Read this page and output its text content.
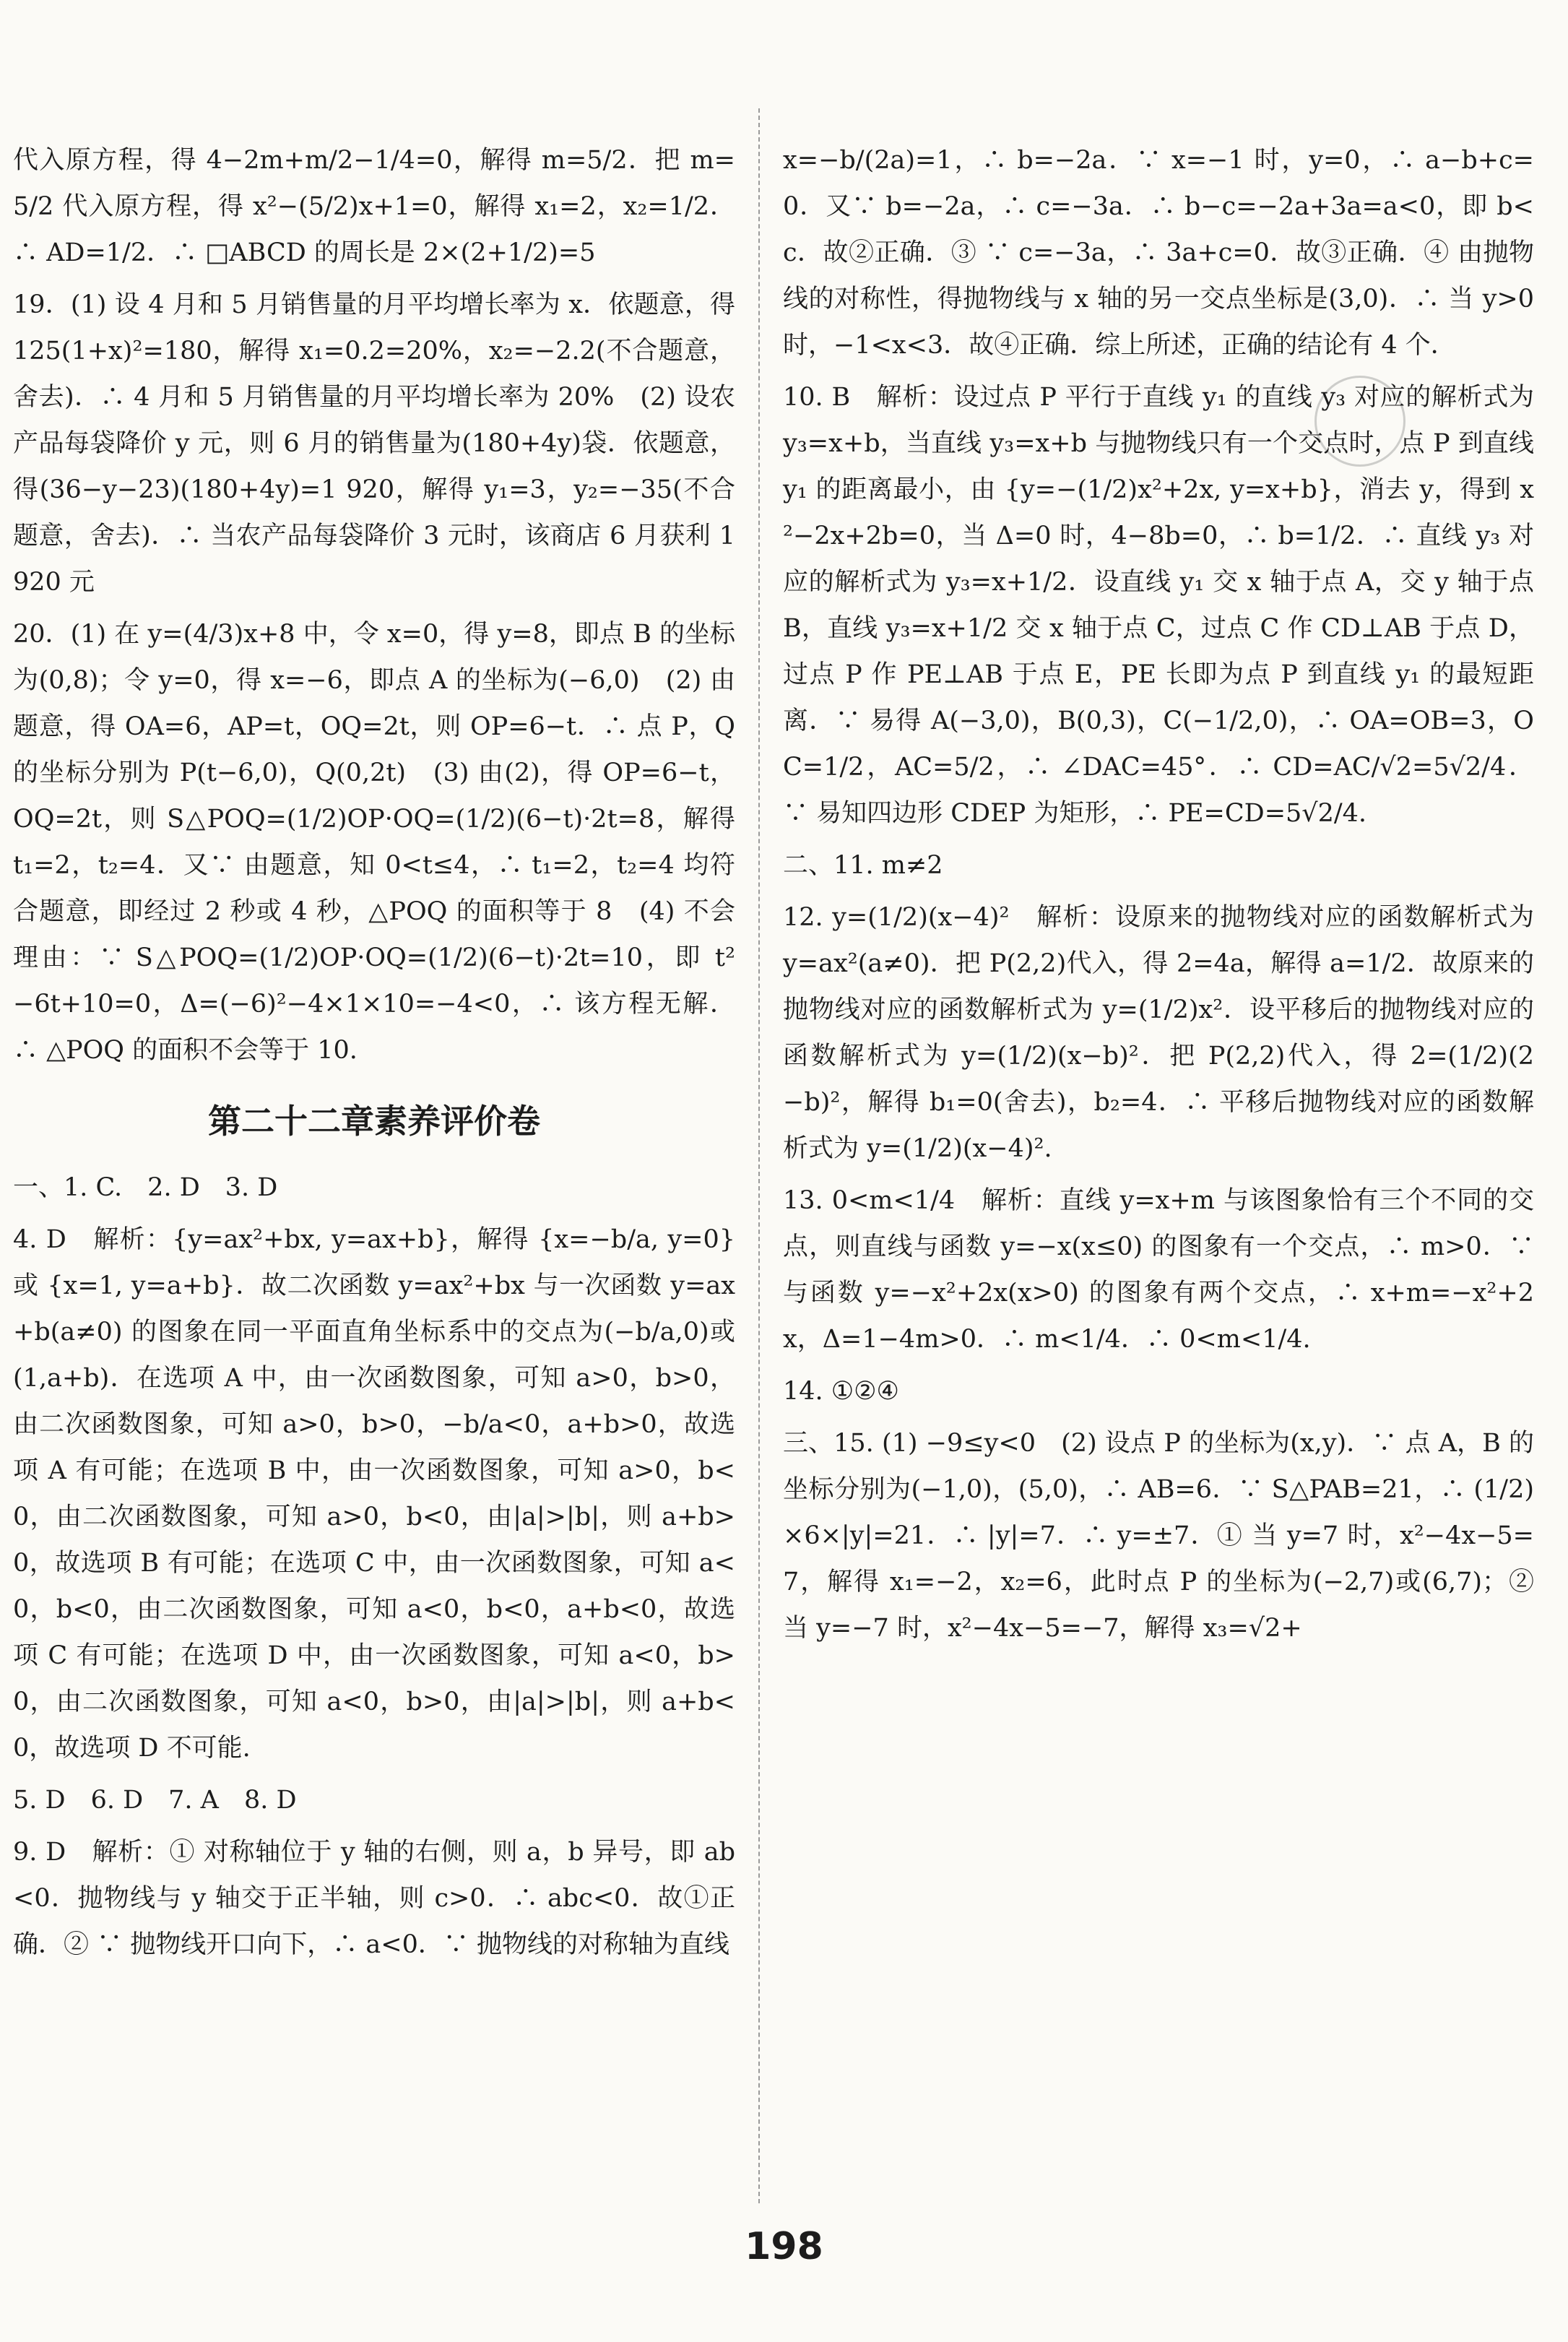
代入原方程，得 4−2m+m/2−1/4=0，解得 m=5/2．把 m=5/2 代入原方程，得 x²−(5/2)x+1=0，解得 x₁=2，x₂=1/2．∴ AD=1/2．∴ □ABCD 的周长是 2×(2+1/2)=5
19．(1) 设 4 月和 5 月销售量的月平均增长率为 x．依题意，得 125(1+x)²=180，解得 x₁=0.2=20%，x₂=−2.2(不合题意，舍去)．∴ 4 月和 5 月销售量的月平均增长率为 20%　(2) 设农产品每袋降价 y 元，则 6 月的销售量为(180+4y)袋．依题意，得(36−y−23)(180+4y)=1 920，解得 y₁=3，y₂=−35(不合题意，舍去)．∴ 当农产品每袋降价 3 元时，该商店 6 月获利 1 920 元
20．(1) 在 y=(4/3)x+8 中，令 x=0，得 y=8，即点 B 的坐标为(0,8)；令 y=0，得 x=−6，即点 A 的坐标为(−6,0)　(2) 由题意，得 OA=6，AP=t，OQ=2t，则 OP=6−t．∴ 点 P，Q 的坐标分别为 P(t−6,0)，Q(0,2t)　(3) 由(2)，得 OP=6−t，OQ=2t，则 S△POQ=(1/2)OP·OQ=(1/2)(6−t)·2t=8，解得 t₁=2，t₂=4．又∵ 由题意，知 0<t≤4，∴ t₁=2，t₂=4 均符合题意，即经过 2 秒或 4 秒，△POQ 的面积等于 8　(4) 不会　理由：∵ S△POQ=(1/2)OP·OQ=(1/2)(6−t)·2t=10，即 t²−6t+10=0，Δ=(−6)²−4×1×10=−4<0，∴ 该方程无解．∴ △POQ 的面积不会等于 10.
第二十二章素养评价卷
一、1. C.　2. D　3. D
4. D　解析：{y=ax²+bx, y=ax+b}，解得 {x=−b/a, y=0} 或 {x=1, y=a+b}．故二次函数 y=ax²+bx 与一次函数 y=ax+b(a≠0) 的图象在同一平面直角坐标系中的交点为(−b/a,0)或(1,a+b)．在选项 A 中，由一次函数图象，可知 a>0，b>0，由二次函数图象，可知 a>0，b>0，−b/a<0，a+b>0，故选项 A 有可能；在选项 B 中，由一次函数图象，可知 a>0，b<0，由二次函数图象，可知 a>0，b<0，由|a|>|b|，则 a+b>0，故选项 B 有可能；在选项 C 中，由一次函数图象，可知 a<0，b<0，由二次函数图象，可知 a<0，b<0，a+b<0，故选项 C 有可能；在选项 D 中，由一次函数图象，可知 a<0，b>0，由二次函数图象，可知 a<0，b>0，由|a|>|b|，则 a+b<0，故选项 D 不可能.
5. D　6. D　7. A　8. D
9. D　解析：① 对称轴位于 y 轴的右侧，则 a，b 异号，即 ab<0．抛物线与 y 轴交于正半轴，则 c>0．∴ abc<0．故①正确．② ∵ 抛物线开口向下，∴ a<0．∵ 抛物线的对称轴为直线
x=−b/(2a)=1，∴ b=−2a．∵ x=−1 时，y=0，∴ a−b+c=0．又∵ b=−2a，∴ c=−3a．∴ b−c=−2a+3a=a<0，即 b<c．故②正确．③ ∵ c=−3a，∴ 3a+c=0．故③正确．④ 由抛物线的对称性，得抛物线与 x 轴的另一交点坐标是(3,0)．∴ 当 y>0 时，−1<x<3．故④正确．综上所述，正确的结论有 4 个．
10. B　解析：设过点 P 平行于直线 y₁ 的直线 y₃ 对应的解析式为 y₃=x+b，当直线 y₃=x+b 与抛物线只有一个交点时，点 P 到直线 y₁ 的距离最小，由 {y=−(1/2)x²+2x, y=x+b}，消去 y，得到 x²−2x+2b=0，当 Δ=0 时，4−8b=0，∴ b=1/2．∴ 直线 y₃ 对应的解析式为 y₃=x+1/2．设直线 y₁ 交 x 轴于点 A，交 y 轴于点 B，直线 y₃=x+1/2 交 x 轴于点 C，过点 C 作 CD⊥AB 于点 D，过点 P 作 PE⊥AB 于点 E，PE 长即为点 P 到直线 y₁ 的最短距离．∵ 易得 A(−3,0)，B(0,3)，C(−1/2,0)，∴ OA=OB=3，OC=1/2，AC=5/2，∴ ∠DAC=45°．∴ CD=AC/√2=5√2/4．∵ 易知四边形 CDEP 为矩形，∴ PE=CD=5√2/4.
二、11. m≠2
12. y=(1/2)(x−4)²　解析：设原来的抛物线对应的函数解析式为 y=ax²(a≠0)．把 P(2,2)代入，得 2=4a，解得 a=1/2．故原来的抛物线对应的函数解析式为 y=(1/2)x²．设平移后的抛物线对应的函数解析式为 y=(1/2)(x−b)²．把 P(2,2)代入，得 2=(1/2)(2−b)²，解得 b₁=0(舍去)，b₂=4．∴ 平移后抛物线对应的函数解析式为 y=(1/2)(x−4)².
13. 0<m<1/4　解析：直线 y=x+m 与该图象恰有三个不同的交点，则直线与函数 y=−x(x≤0) 的图象有一个交点，∴ m>0．∵ 与函数 y=−x²+2x(x>0) 的图象有两个交点，∴ x+m=−x²+2x，Δ=1−4m>0．∴ m<1/4．∴ 0<m<1/4.
14. ①②④
三、15. (1) −9≤y<0　(2) 设点 P 的坐标为(x,y)．∵ 点 A，B 的坐标分别为(−1,0)，(5,0)，∴ AB=6．∵ S△PAB=21，∴ (1/2)×6×|y|=21．∴ |y|=7．∴ y=±7．① 当 y=7 时，x²−4x−5=7，解得 x₁=−2，x₂=6，此时点 P 的坐标为(−2,7)或(6,7)；② 当 y=−7 时，x²−4x−5=−7，解得 x₃=√2+
198
